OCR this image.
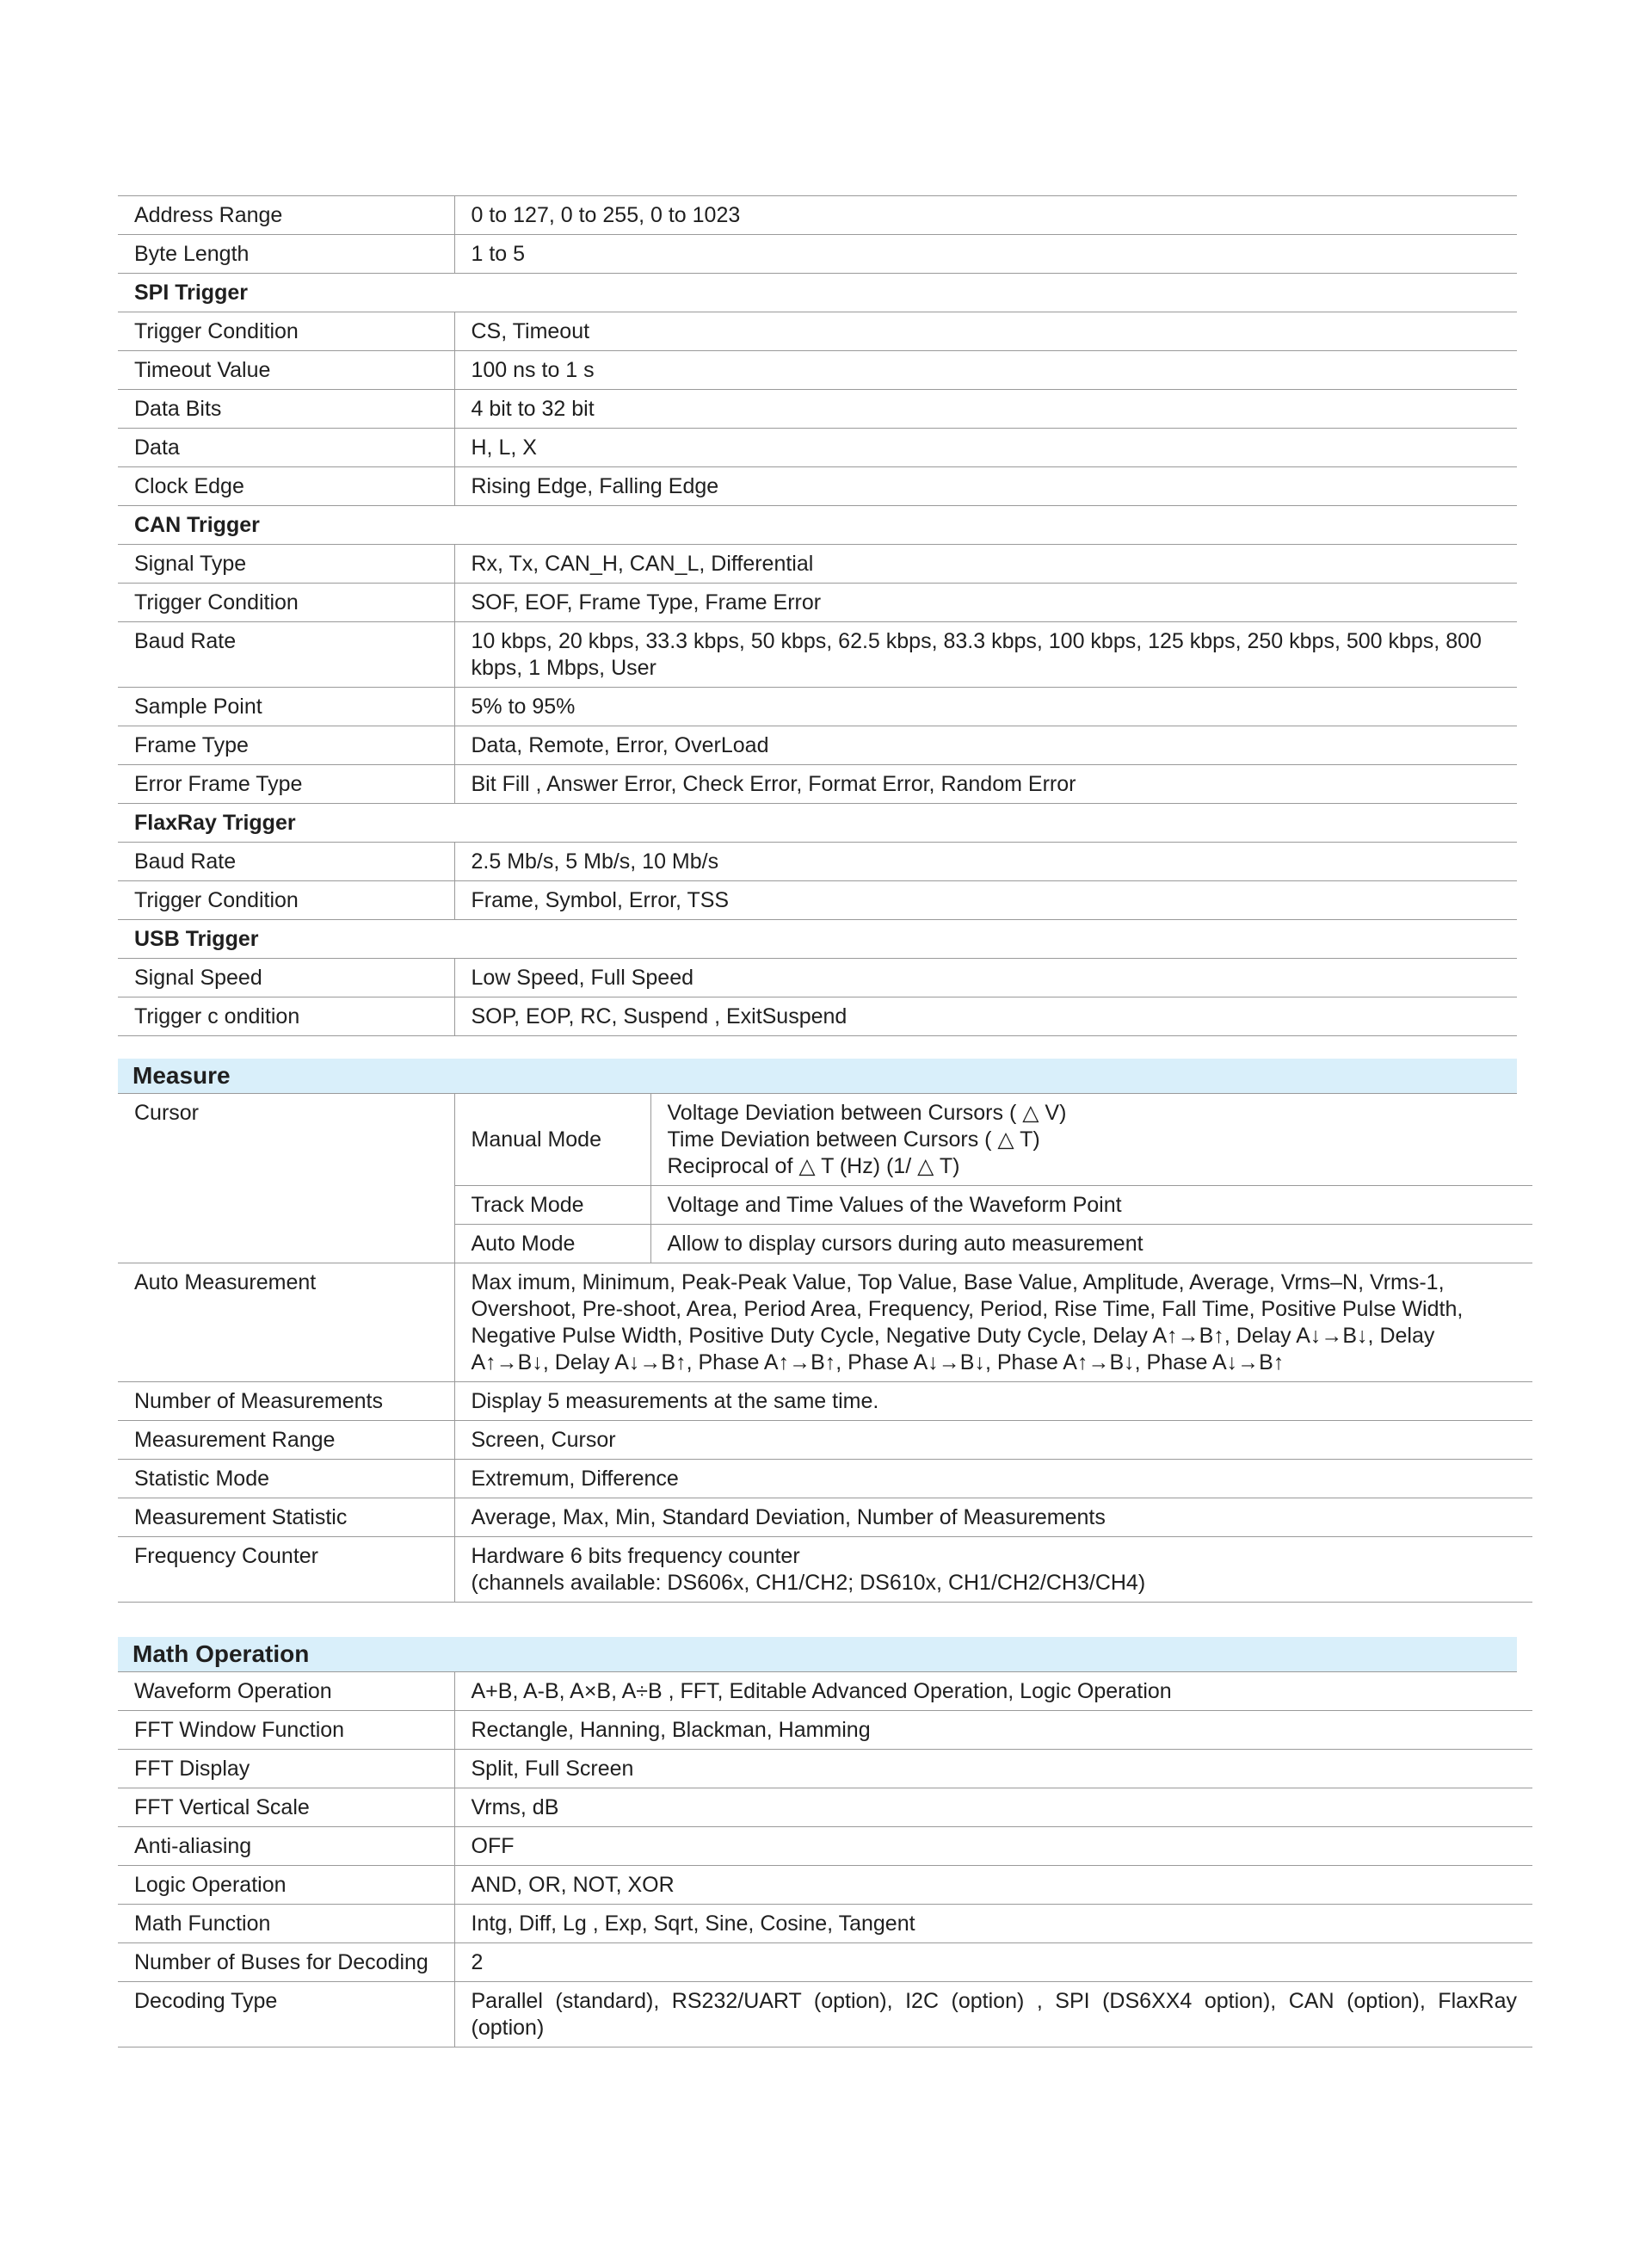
Address Range	0 to 127, 0 to 255, 0 to 1023
Byte Length	1 to 5
SPI Trigger	
Trigger Condition	CS, Timeout
Timeout Value	100 ns to 1 s
Data Bits	4 bit to 32 bit
Data	H, L, X
Clock Edge	Rising Edge, Falling Edge
CAN Trigger	
Signal Type	Rx, Tx, CAN_H, CAN_L, Differential
Trigger Condition	SOF, EOF, Frame Type, Frame Error
Baud Rate	10 kbps, 20 kbps, 33.3 kbps, 50 kbps, 62.5 kbps, 83.3 kbps, 100 kbps, 125 kbps, 250 kbps, 500 kbps, 800 kbps, 1 Mbps, User
Sample Point	5% to 95%
Frame Type	Data, Remote, Error, OverLoad
Error Frame Type	Bit Fill , Answer Error, Check Error, Format Error, Random Error
FlaxRay Trigger	
Baud Rate	2.5 Mb/s, 5 Mb/s, 10 Mb/s
Trigger Condition	Frame, Symbol, Error, TSS
USB Trigger	
Signal Speed	Low Speed, Full Speed
Trigger c ondition	SOP, EOP, RC, Suspend , ExitSuspend
Measure
Cursor	Manual Mode	Voltage Deviation between Cursors ( △ V)
Time Deviation between Cursors ( △ T)
Reciprocal of △ T (Hz) (1/ △ T)

	Track Mode	Voltage and Time Values of the Waveform Point
	Auto Mode	Allow to display cursors during auto measurement
Auto Measurement	Max imum, Minimum, Peak-Peak Value, Top Value, Base Value, Amplitude, Average, Vrms–N, Vrms-1, Overshoot, Pre-shoot, Area, Period Area, Frequency, Period, Rise Time, Fall Time, Positive Pulse Width, Negative Pulse Width, Positive Duty Cycle, Negative Duty Cycle, Delay A↑→B↑, Delay A↓→B↓, Delay A↑→B↓, Delay A↓→B↑, Phase A↑→B↑, Phase A↓→B↓, Phase A↑→B↓, Phase A↓→B↑	
Number of Measurements	Display 5 measurements at the same time.	
Measurement Range	Screen, Cursor	
Statistic Mode	Extremum, Difference	
Measurement Statistic	Average, Max, Min, Standard Deviation, Number of Measurements	
Frequency Counter	Hardware 6 bits frequency counter
(channels available: DS606x, CH1/CH2; DS610x, CH1/CH2/CH3/CH4)	
Math Operation
Waveform Operation	A+B, A-B, A×B, A÷B , FFT, Editable Advanced Operation, Logic Operation
FFT Window Function	Rectangle, Hanning, Blackman, Hamming
FFT Display	Split, Full Screen
FFT Vertical Scale	Vrms, dB
Anti-aliasing	OFF
Logic Operation	AND, OR, NOT, XOR
Math Function	Intg, Diff, Lg , Exp, Sqrt, Sine, Cosine, Tangent
Number of Buses for Decoding	2
Decoding Type	Parallel (standard), RS232/UART (option), I2C (option) , SPI (DS6XX4 option), CAN (option), FlaxRay (option)
